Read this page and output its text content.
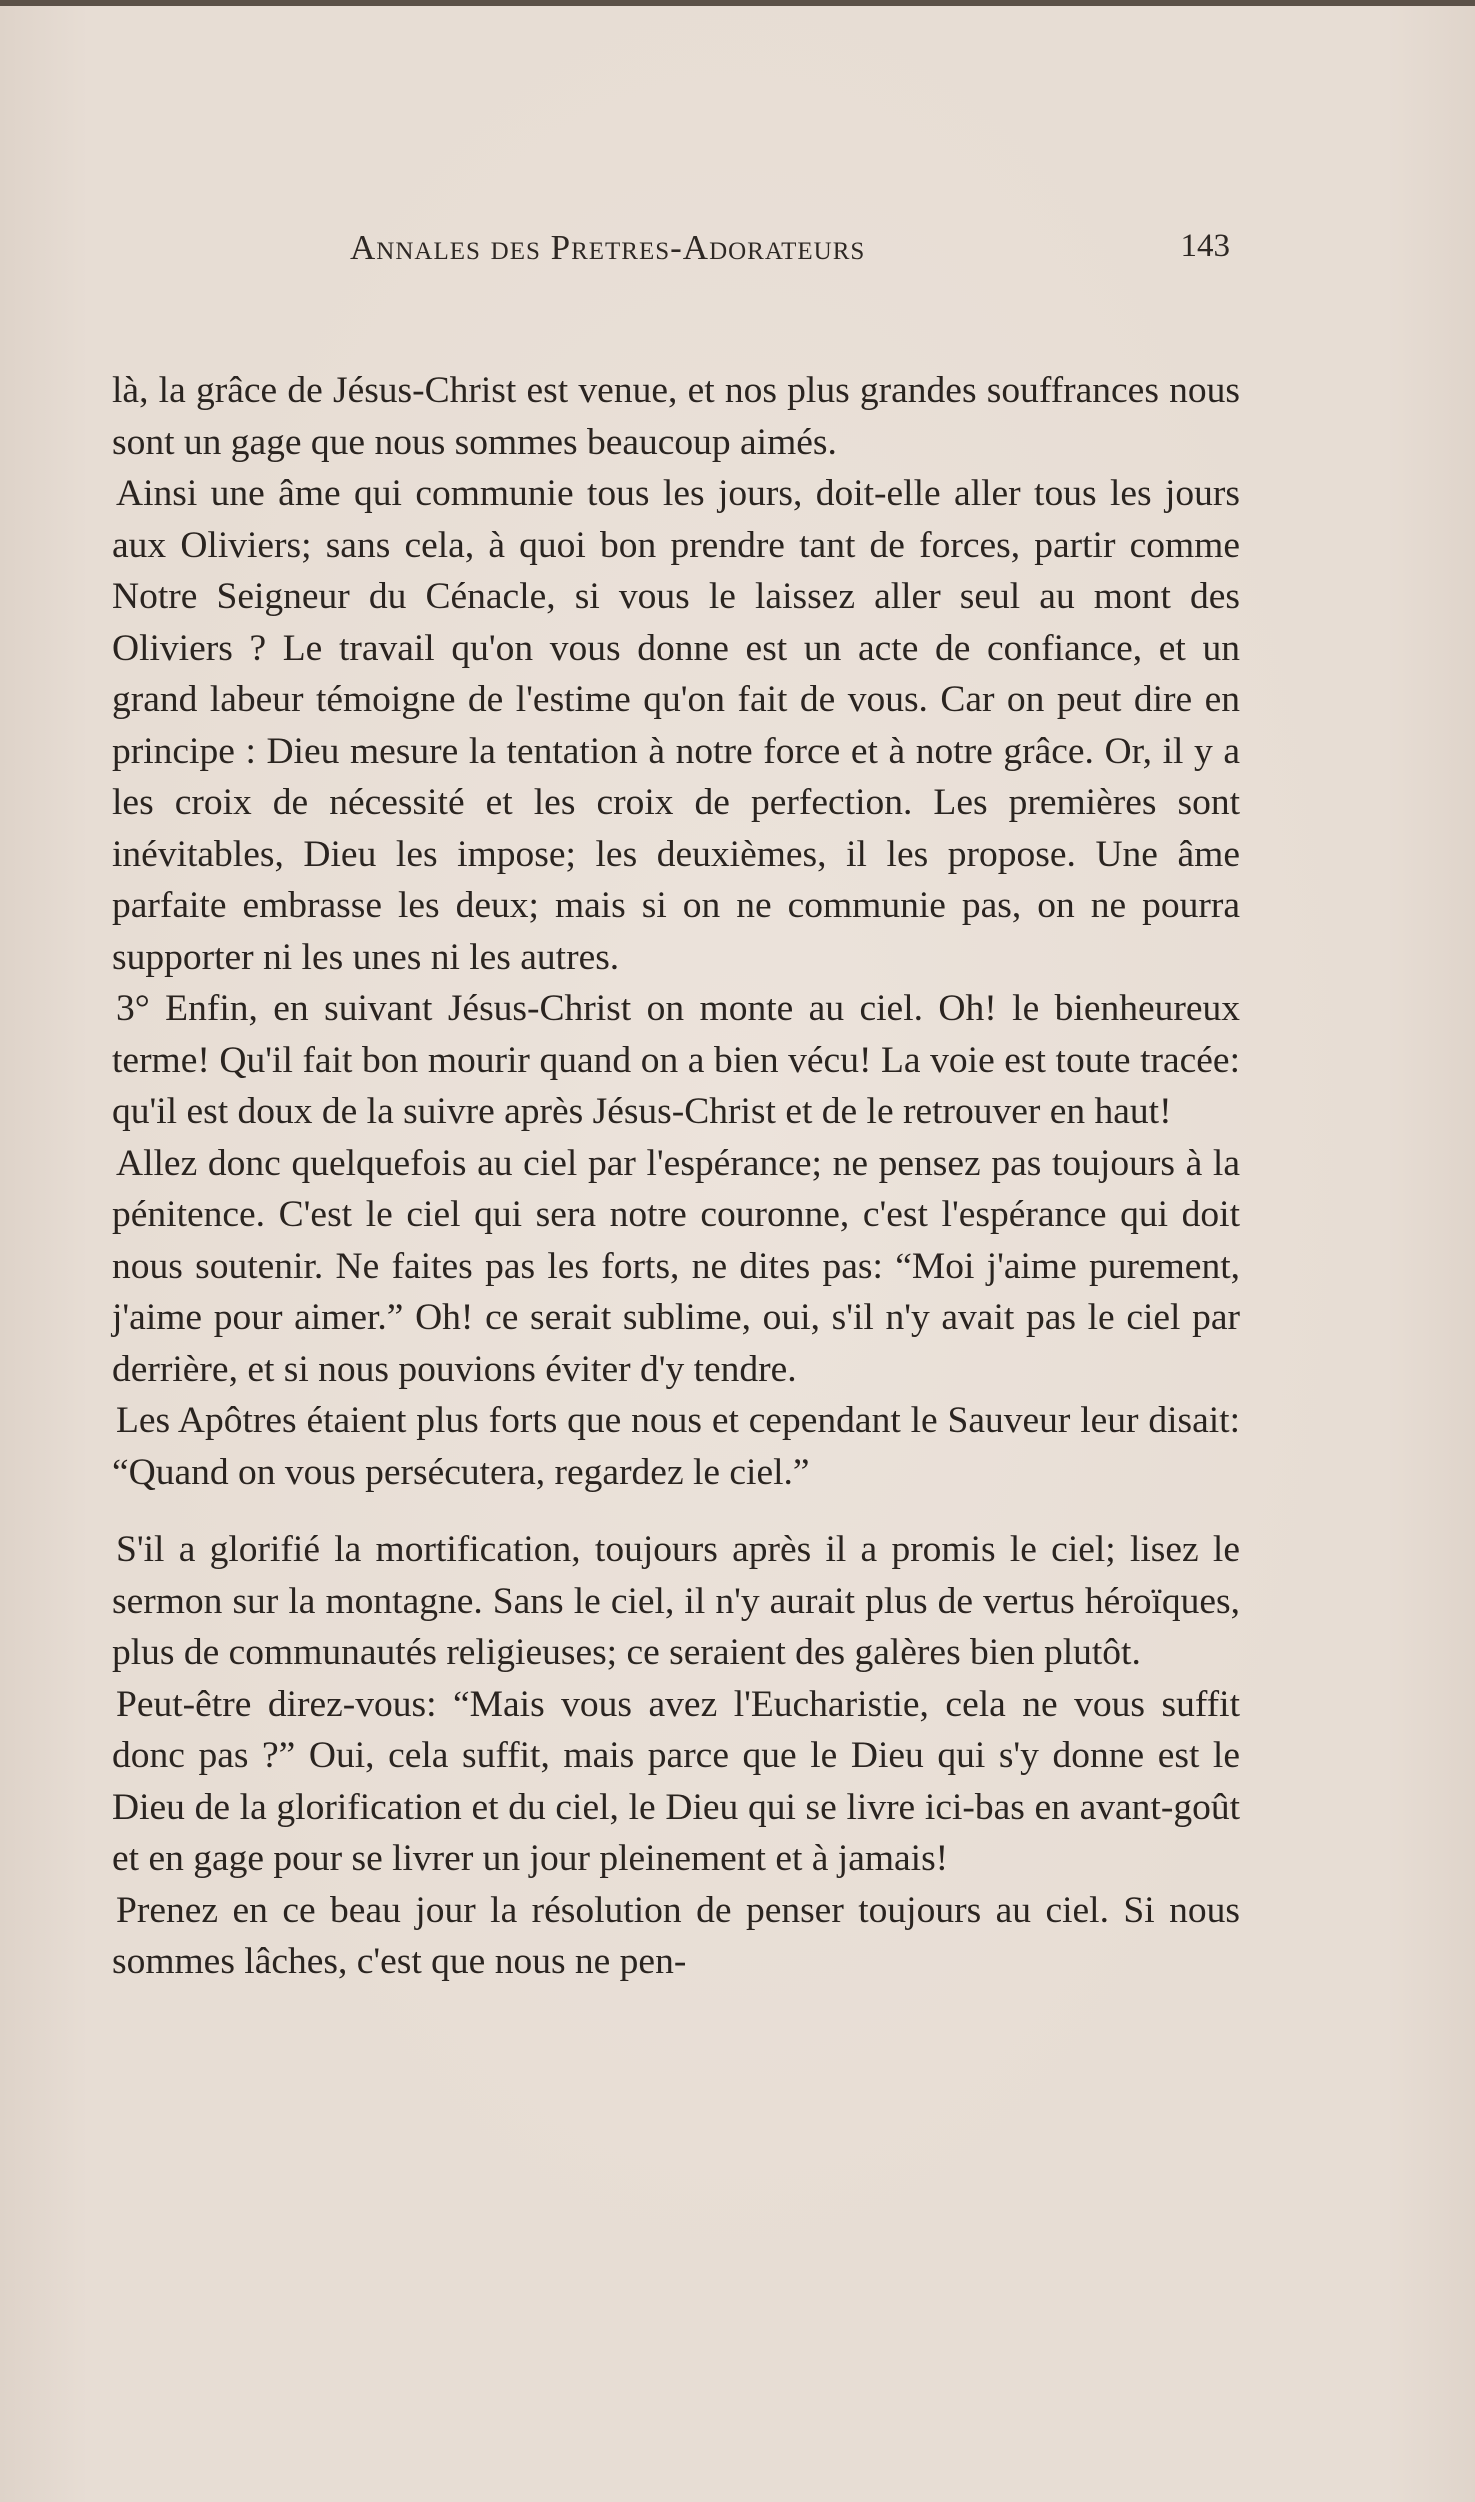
Annales des Pretres-Adorateurs	143

là, la grâce de Jésus-Christ est venue, et nos plus grandes souffrances nous sont un gage que nous sommes beaucoup aimés.

Ainsi une âme qui communie tous les jours, doit-elle aller tous les jours aux Oliviers; sans cela, à quoi bon prendre tant de forces, partir comme Notre Seigneur du Cénacle, si vous le laissez aller seul au mont des Oliviers ? Le travail qu'on vous donne est un acte de confiance, et un grand labeur témoigne de l'estime qu'on fait de vous. Car on peut dire en principe : Dieu mesure la tentation à notre force et à notre grâce. Or, il y a les croix de nécessité et les croix de perfection. Les premières sont inévitables, Dieu les impose; les deuxièmes, il les propose. Une âme parfaite embrasse les deux; mais si on ne communie pas, on ne pourra supporter ni les unes ni les autres.

3° Enfin, en suivant Jésus-Christ on monte au ciel. Oh! le bienheureux terme! Qu'il fait bon mourir quand on a bien vécu! La voie est toute tracée: qu'il est doux de la suivre après Jésus-Christ et de le retrouver en haut!

Allez donc quelquefois au ciel par l'espérance; ne pensez pas toujours à la pénitence. C'est le ciel qui sera notre couronne, c'est l'espérance qui doit nous soutenir. Ne faites pas les forts, ne dites pas: “Moi j'aime purement, j'aime pour aimer.” Oh! ce serait sublime, oui, s'il n'y avait pas le ciel par derrière, et si nous pouvions éviter d'y tendre.

Les Apôtres étaient plus forts que nous et cependant le Sauveur leur disait: “Quand on vous persécutera, regardez le ciel.”

S'il a glorifié la mortification, toujours après il a promis le ciel; lisez le sermon sur la montagne. Sans le ciel, il n'y aurait plus de vertus héroïques, plus de communautés religieuses; ce seraient des galères bien plutôt.

Peut-être direz-vous: “Mais vous avez l'Eucharistie, cela ne vous suffit donc pas ?” Oui, cela suffit, mais parce que le Dieu qui s'y donne est le Dieu de la glorification et du ciel, le Dieu qui se livre ici-bas en avant-goût et en gage pour se livrer un jour pleinement et à jamais!

Prenez en ce beau jour la résolution de penser toujours au ciel. Si nous sommes lâches, c'est que nous ne pen-
